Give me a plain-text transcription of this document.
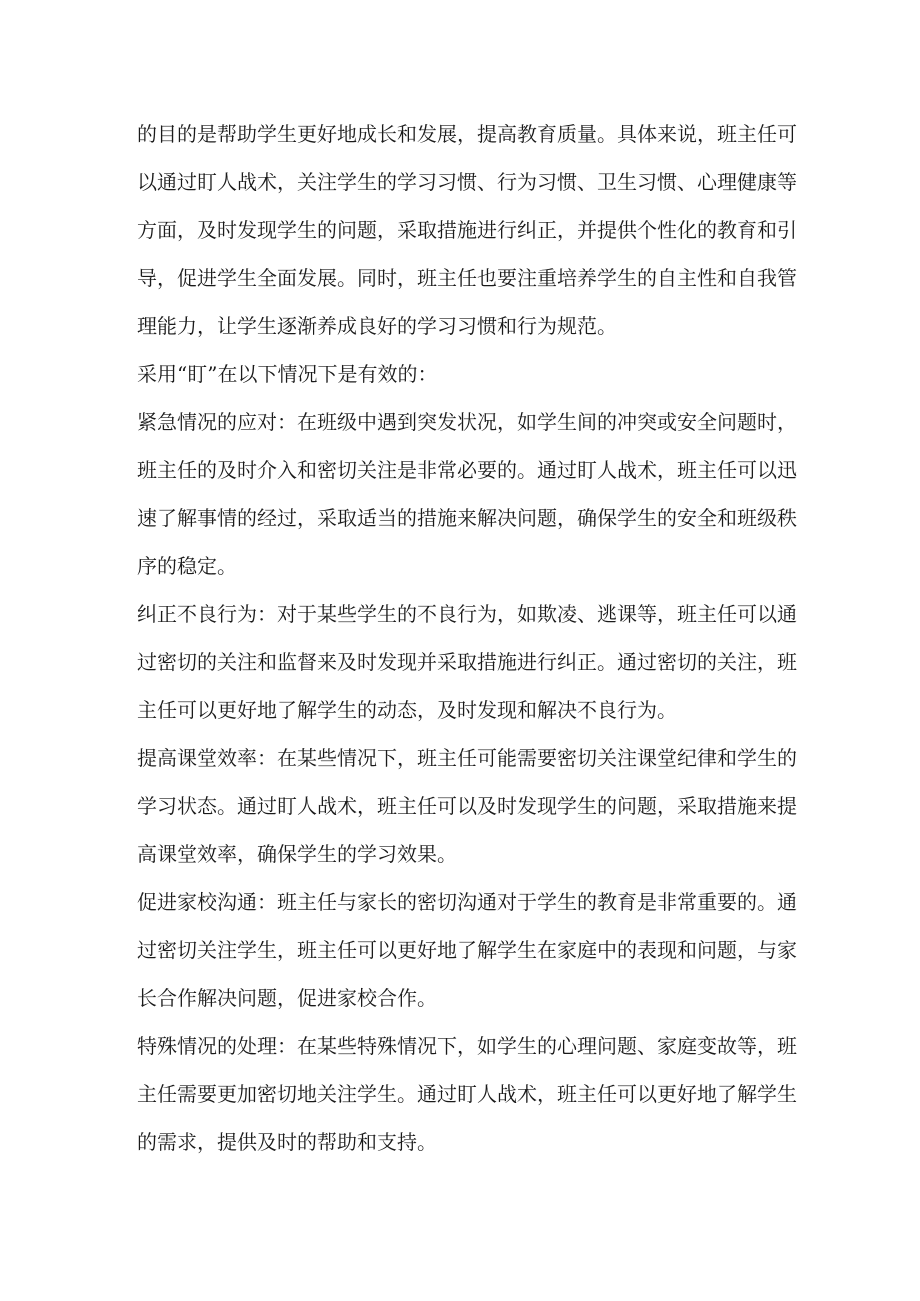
的目的是帮助学生更好地成长和发展，提高教育质量。具体来说，班主任可以通过盯人战术，关注学生的学习习惯、行为习惯、卫生习惯、心理健康等方面，及时发现学生的问题，采取措施进行纠正，并提供个性化的教育和引导，促进学生全面发展。同时，班主任也要注重培养学生的自主性和自我管理能力，让学生逐渐养成良好的学习习惯和行为规范。

采用“盯”在以下情况下是有效的：

紧急情况的应对：在班级中遇到突发状况，如学生间的冲突或安全问题时，班主任的及时介入和密切关注是非常必要的。通过盯人战术，班主任可以迅速了解事情的经过，采取适当的措施来解决问题，确保学生的安全和班级秩序的稳定。

纠正不良行为：对于某些学生的不良行为，如欺凌、逃课等，班主任可以通过密切的关注和监督来及时发现并采取措施进行纠正。通过密切的关注，班主任可以更好地了解学生的动态，及时发现和解决不良行为。

提高课堂效率：在某些情况下，班主任可能需要密切关注课堂纪律和学生的学习状态。通过盯人战术，班主任可以及时发现学生的问题，采取措施来提高课堂效率，确保学生的学习效果。

促进家校沟通：班主任与家长的密切沟通对于学生的教育是非常重要的。通过密切关注学生，班主任可以更好地了解学生在家庭中的表现和问题，与家长合作解决问题，促进家校合作。

特殊情况的处理：在某些特殊情况下，如学生的心理问题、家庭变故等，班主任需要更加密切地关注学生。通过盯人战术，班主任可以更好地了解学生的需求，提供及时的帮助和支持。
